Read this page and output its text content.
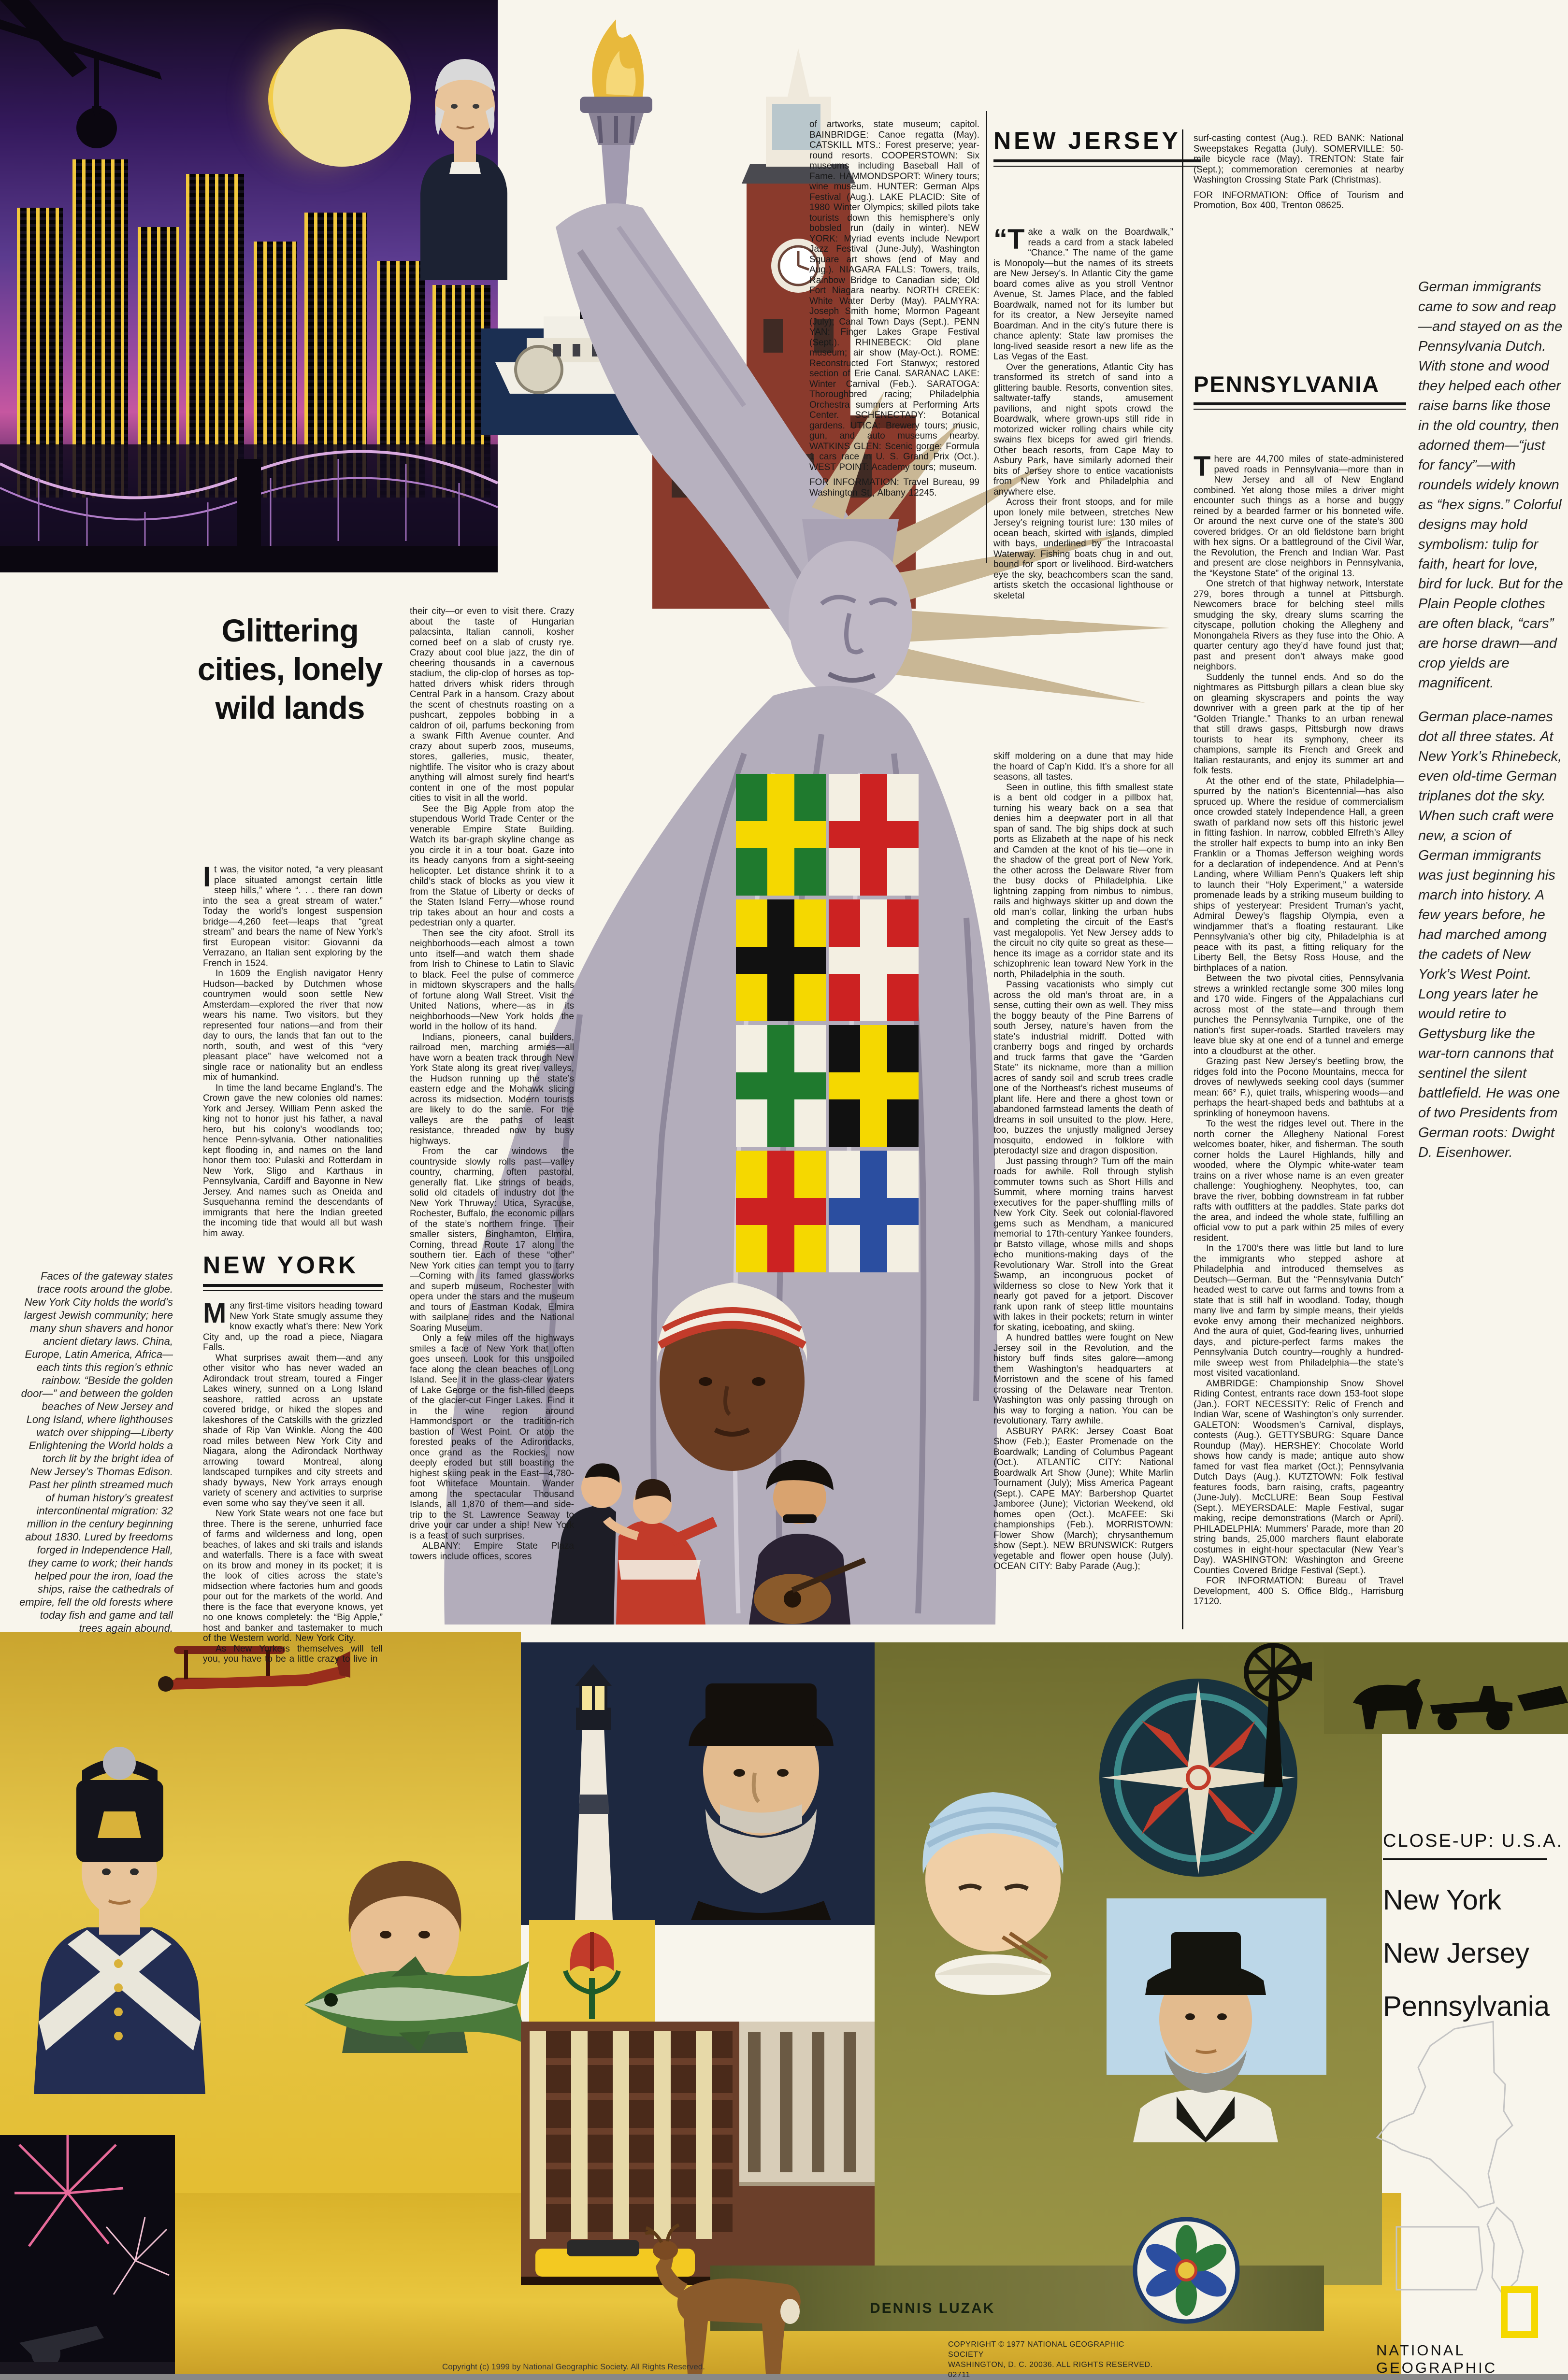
Glittering
cities, lonely
wild lands

It was, the visitor noted, “a very pleasant place situated amongst certain little steep hills,” where “. . . there ran down into the sea a great stream of water.” Today the world’s longest suspension bridge—4,260 feet—leaps that “great stream” and bears the name of New York’s first European visitor: Giovanni da Verrazano, an Italian sent exploring by the French in 1524.

In 1609 the English navigator Henry Hudson—backed by Dutchmen whose countrymen would soon settle New Amsterdam—explored the river that now wears his name. Two visitors, but they represented four nations—and from their day to ours, the lands that fan out to the north, south, and west of this “very pleasant place” have welcomed not a single race or nationality but an endless mix of humankind.

In time the land became England’s. The Crown gave the new colonies old names: York and Jersey. William Penn asked the king not to honor just his father, a naval hero, but his colony’s woodlands too; hence Penn-sylvania. Other nationalities kept flooding in, and names on the land honor them too: Pulaski and Rotterdam in New York, Sligo and Karthaus in Pennsylvania, Cardiff and Bayonne in New Jersey. And names such as Oneida and Susquehanna remind the descendants of immigrants that here the Indian greeted the incoming tide that would all but wash him away.

NEW YORK

Many first-time visitors heading toward New York State smugly assume they know exactly what’s there: New York City and, up the road a piece, Niagara Falls.

What surprises await them—and any other visitor who has never waded an Adirondack trout stream, toured a Finger Lakes winery, sunned on a Long Island seashore, rattled across an upstate covered bridge, or hiked the slopes and lakeshores of the Catskills with the grizzled shade of Rip Van Winkle. Along the 400 road miles between New York City and Niagara, along the Adirondack Northway arrowing toward Montreal, along landscaped turnpikes and city streets and shady byways, New York arrays enough variety of scenery and activities to surprise even some who say they’ve seen it all.

New York State wears not one face but three. There is the serene, unhurried face of farms and wilderness and long, open beaches, of lakes and ski trails and islands and waterfalls. There is a face with sweat on its brow and money in its pocket; it is the look of cities across the state’s midsection where factories hum and goods pour out for the markets of the world. And there is the face that everyone knows, yet no one knows completely: the “Big Apple,” host and banker and tastemaker to much of the Western world. New York City.

As New Yorkers themselves will tell you, you have to be a little crazy to live in

their city—or even to visit there. Crazy about the taste of Hungarian palacsinta, Italian cannoli, kosher corned beef on a slab of crusty rye. Crazy about cool blue jazz, the din of cheering thousands in a cavernous stadium, the clip-clop of horses as top-hatted drivers whisk riders through Central Park in a hansom. Crazy about the scent of chestnuts roasting on a pushcart, zeppoles bobbing in a caldron of oil, parfums beckoning from a swank Fifth Avenue counter. And crazy about superb zoos, museums, stores, galleries, music, theater, nightlife. The visitor who is crazy about anything will almost surely find heart’s content in one of the most popular cities to visit in all the world.

See the Big Apple from atop the stupendous World Trade Center or the venerable Empire State Building. Watch its bar-graph skyline change as you circle it in a tour boat. Gaze into its heady canyons from a sight-seeing helicopter. Let distance shrink it to a child’s stack of blocks as you view it from the Statue of Liberty or decks of the Staten Island Ferry—whose round trip takes about an hour and costs a pedestrian only a quarter.

Then see the city afoot. Stroll its neighborhoods—each almost a town unto itself—and watch them shade from Irish to Chinese to Latin to Slavic to black. Feel the pulse of commerce in midtown skyscrapers and the halls of fortune along Wall Street. Visit the United Nations, where—as in its neighborhoods—New York holds the world in the hollow of its hand.

Indians, pioneers, canal builders, railroad men, marching armies—all have worn a beaten track through New York State along its great river valleys, the Hudson running up the state’s eastern edge and the Mohawk slicing across its midsection. Modern tourists are likely to do the same. For the valleys are the paths of least resistance, threaded now by busy highways.

From the car windows the countryside slowly rolls past—valley country, charming, often pastoral, generally flat. Like strings of beads, solid old citadels of industry dot the New York Thruway: Utica, Syracuse, Rochester, Buffalo, the economic pillars of the state’s northern fringe. Their smaller sisters, Binghamton, Elmira, Corning, thread Route 17 along the southern tier. Each of these “other” New York cities can tempt you to tarry—Corning with its famed glassworks and superb museum, Rochester with opera under the stars and the museum and tours of Eastman Kodak, Elmira with sailplane rides and the National Soaring Museum.

Only a few miles off the highways smiles a face of New York that often goes unseen. Look for this unspoiled face along the clean beaches of Long Island. See it in the glass-clear waters of Lake George or the fish-filled deeps of the glacier-cut Finger Lakes. Find it in the wine region around Hammondsport or the tradition-rich bastion of West Point. Or atop the forested peaks of the Adirondacks, once grand as the Rockies, now deeply eroded but still boasting the highest skiing peak in the East—4,780-foot Whiteface Mountain. Wander among the spectacular Thousand Islands, all 1,870 of them—and side-trip to the St. Lawrence Seaway to drive your car under a ship! New York is a feast of such surprises.

ALBANY: Empire State Plaza towers include offices, scores

of artworks, state museum; capitol. BAINBRIDGE: Canoe regatta (May). CATSKILL MTS.: Forest preserve; year-round resorts. COOPERSTOWN: Six museums including Baseball Hall of Fame. HAMMONDSPORT: Winery tours; wine museum. HUNTER: German Alps Festival (Aug.). LAKE PLACID: Site of 1980 Winter Olympics; skilled pilots take tourists down this hemisphere’s only bobsled run (daily in winter). NEW YORK: Myriad events include Newport Jazz Festival (June-July), Washington Square art shows (end of May and Aug.). NIAGARA FALLS: Towers, trails, Rainbow Bridge to Canadian side; Old Fort Niagara nearby. NORTH CREEK: White Water Derby (May). PALMYRA: Joseph Smith home; Mormon Pageant (July); Canal Town Days (Sept.). PENN YAN: Finger Lakes Grape Festival (Sept.). RHINEBECK: Old plane museum; air show (May-Oct.). ROME: Reconstructed Fort Stanwyx; restored section of Erie Canal. SARANAC LAKE: Winter Carnival (Feb.). SARATOGA: Thoroughbred racing; Philadelphia Orchestra summers at Performing Arts Center. SCHENECTADY: Botanical gardens. UTICA: Brewery tours; music, gun, and auto museums nearby. WATKINS GLEN: Scenic gorge; Formula 1 cars race in U. S. Grand Prix (Oct.). WEST POINT: Academy tours; museum.

FOR INFORMATION: Travel Bureau, 99 Washington St., Albany 12245.

NEW JERSEY

“Take a walk on the Boardwalk,” reads a card from a stack labeled “Chance.” The name of the game is Monopoly—but the names of its streets are New Jersey’s. In Atlantic City the game board comes alive as you stroll Ventnor Avenue, St. James Place, and the fabled Boardwalk, named not for its lumber but for its creator, a New Jerseyite named Boardman. And in the city’s future there is chance aplenty: State law promises the long-lived seaside resort a new life as the Las Vegas of the East.

Over the generations, Atlantic City has transformed its stretch of sand into a glittering bauble. Resorts, convention sites, saltwater-taffy stands, amusement pavilions, and night spots crowd the Boardwalk, where grown-ups still ride in motorized wicker rolling chairs while city swains flex biceps for awed girl friends. Other beach resorts, from Cape May to Asbury Park, have similarly adorned their bits of Jersey shore to entice vacationists from New York and Philadelphia and anywhere else.

Across their front stoops, and for mile upon lonely mile between, stretches New Jersey’s reigning tourist lure: 130 miles of ocean beach, skirted with islands, dimpled with bays, underlined by the Intracoastal Waterway. Fishing boats chug in and out, bound for sport or livelihood. Bird-watchers eye the sky, beachcombers scan the sand, artists sketch the occasional lighthouse or skeletal

skiff moldering on a dune that may hide the hoard of Cap’n Kidd. It’s a shore for all seasons, all tastes.

Seen in outline, this fifth smallest state is a bent old codger in a pillbox hat, turning his weary back on a sea that denies him a deepwater port in all that span of sand. The big ships dock at such ports as Elizabeth at the nape of his neck and Camden at the knot of his tie—one in the shadow of the great port of New York, the other across the Delaware River from the busy docks of Philadelphia. Like lightning zapping from nimbus to nimbus, rails and highways skitter up and down the old man’s collar, linking the urban hubs and completing the circuit of the East’s vast megalopolis. Yet New Jersey adds to the circuit no city quite so great as these—hence its image as a corridor state and its schizophrenic lean toward New York in the north, Philadelphia in the south.

Passing vacationists who simply cut across the old man’s throat are, in a sense, cutting their own as well. They miss the boggy beauty of the Pine Barrens of south Jersey, nature’s haven from the state’s industrial midriff. Dotted with cranberry bogs and ringed by orchards and truck farms that gave the “Garden State” its nickname, more than a million acres of sandy soil and scrub trees cradle one of the Northeast’s richest museums of plant life. Here and there a ghost town or abandoned farmstead laments the death of dreams in soil unsuited to the plow. Here, too, buzzes the unjustly maligned Jersey mosquito, endowed in folklore with pterodactyl size and dragon disposition.

Just passing through? Turn off the main roads for awhile. Roll through stylish commuter towns such as Short Hills and Summit, where morning trains harvest executives for the paper-shuffling mills of New York City. Seek out colonial-flavored gems such as Mendham, a manicured memorial to 17th-century Yankee founders, or Batsto village, whose mills and shops echo munitions-making days of the Revolutionary War. Stroll into the Great Swamp, an incongruous pocket of wilderness so close to New York that it nearly got paved for a jetport. Discover rank upon rank of steep little mountains with lakes in their pockets; return in winter for skating, iceboating, and skiing.

A hundred battles were fought on New Jersey soil in the Revolution, and the history buff finds sites galore—among them Washington’s headquarters at Morristown and the scene of his famed crossing of the Delaware near Trenton. Washington was only passing through on his way to forging a nation. You can be revolutionary. Tarry awhile.

ASBURY PARK: Jersey Coast Boat Show (Feb.); Easter Promenade on the Boardwalk; Landing of Columbus Pageant (Oct.). ATLANTIC CITY: National Boardwalk Art Show (June); White Marlin Tournament (July); Miss America Pageant (Sept.). CAPE MAY: Barbershop Quartet Jamboree (June); Victorian Weekend, old homes open (Oct.). McAFEE: Ski championships (Feb.). MORRISTOWN: Flower Show (March); chrysanthemum show (Sept.). NEW BRUNSWICK: Rutgers vegetable and flower open house (July). OCEAN CITY: Baby Parade (Aug.);

surf-casting contest (Aug.). RED BANK: National Sweepstakes Regatta (July). SOMERVILLE: 50-mile bicycle race (May). TRENTON: State fair (Sept.); commemoration ceremonies at nearby Washington Crossing State Park (Christmas).

FOR INFORMATION: Office of Tourism and Promotion, Box 400, Trenton 08625.

PENNSYLVANIA

There are 44,700 miles of state-administered paved roads in Pennsylvania—more than in New Jersey and all of New England combined. Yet along those miles a driver might encounter such things as a horse and buggy reined by a bearded farmer or his bonneted wife. Or around the next curve one of the state’s 300 covered bridges. Or an old fieldstone barn bright with hex signs. Or a battleground of the Civil War, the Revolution, the French and Indian War. Past and present are close neighbors in Pennsylvania, the “Keystone State” of the original 13.

One stretch of that highway network, Interstate 279, bores through a tunnel at Pittsburgh. Newcomers brace for belching steel mills smudging the sky, dreary slums scarring the cityscape, pollution choking the Allegheny and Monongahela Rivers as they fuse into the Ohio. A quarter century ago they’d have found just that; past and present don’t always make good neighbors.

Suddenly the tunnel ends. And so do the nightmares as Pittsburgh pillars a clean blue sky on gleaming skyscrapers and points the way downriver with a green park at the tip of her “Golden Triangle.” Thanks to an urban renewal that still draws gasps, Pittsburgh now draws tourists to hear its symphony, cheer its champions, sample its French and Greek and Italian restaurants, and enjoy its summer art and folk fests.

At the other end of the state, Philadelphia—spurred by the nation’s Bicentennial—has also spruced up. Where the residue of commercialism once crowded stately Independence Hall, a green swath of parkland now sets off this historic jewel in fitting fashion. In narrow, cobbled Elfreth’s Alley the stroller half expects to bump into an inky Ben Franklin or a Thomas Jefferson weighing words for a declaration of independence. And at Penn’s Landing, where William Penn’s Quakers left ship to launch their “Holy Experiment,” a waterside promenade leads by a striking museum building to ships of yesteryear: President Truman’s yacht, Admiral Dewey’s flagship Olympia, even a windjammer that’s a floating restaurant. Like Pennsylvania’s other big city, Philadelphia is at peace with its past, a fitting reliquary for the Liberty Bell, the Betsy Ross House, and the birthplaces of a nation.

Between the two pivotal cities, Pennsylvania strews a wrinkled rectangle some 300 miles long and 170 wide. Fingers of the Appalachians curl across most of the state—and through them punches the Pennsylvania Turnpike, one of the nation’s first super-roads. Startled travelers may leave blue sky at one end of a tunnel and emerge into a cloudburst at the other.

Grazing past New Jersey’s beetling brow, the ridges fold into the Pocono Mountains, mecca for droves of newlyweds seeking cool days (summer mean: 66° F.), quiet trails, whispering woods—and perhaps the heart-shaped beds and bathtubs at a sprinkling of honeymoon havens.

To the west the ridges level out. There in the north corner the Allegheny National Forest welcomes boater, hiker, and fisherman. The south corner holds the Laurel Highlands, hilly and wooded, where the Olympic white-water team trains on a river whose name is an even greater challenge: Youghiogheny. Neophytes, too, can brave the river, bobbing downstream in fat rubber rafts with outfitters at the paddles. State parks dot the area, and indeed the whole state, fulfilling an official vow to put a park within 25 miles of every resident.

In the 1700’s there was little but land to lure the immigrants who stepped ashore at Philadelphia and introduced themselves as Deutsch—German. But the “Pennsylvania Dutch” headed west to carve out farms and towns from a state that is still half in woodland. Today, though many live and farm by simple means, their yields evoke envy among their mechanized neighbors. And the aura of quiet, God-fearing lives, unhurried days, and picture-perfect farms makes the Pennsylvania Dutch country—roughly a hundred-mile sweep west from Philadelphia—the state’s most visited vacationland.

AMBRIDGE: Championship Snow Shovel Riding Contest, entrants race down 153-foot slope (Jan.). FORT NECESSITY: Relic of French and Indian War, scene of Washington’s only surrender. GALETON: Woodsmen’s Carnival, displays, contests (Aug.). GETTYSBURG: Square Dance Roundup (May). HERSHEY: Chocolate World shows how candy is made; antique auto show famed for vast flea market (Oct.); Pennsylvania Dutch Days (Aug.). KUTZTOWN: Folk festival features foods, barn raising, crafts, pageantry (June-July). McCLURE: Bean Soup Festival (Sept.). MEYERSDALE: Maple Festival, sugar making, recipe demonstrations (March or April). PHILADELPHIA: Mummers’ Parade, more than 20 string bands, 25,000 marchers flaunt elaborate costumes in eight-hour spectacular (New Year’s Day). WASHINGTON: Washington and Greene Counties Covered Bridge Festival (Sept.).

FOR INFORMATION: Bureau of Travel Development, 400 S. Office Bldg., Harrisburg 17120.

German immigrants came to sow and reap—and stayed on as the Pennsylvania Dutch. With stone and wood they helped each other raise barns like those in the old country, then adorned them—“just for fancy”—with roundels widely known as “hex signs.” Colorful designs may hold symbolism: tulip for faith, heart for love, bird for luck. But for the Plain People clothes are often black, “cars” are horse drawn—and crop yields are magnificent.

German place-names dot all three states. At New York’s Rhinebeck, even old-time German triplanes dot the sky. When such craft were new, a scion of German immigrants was just beginning his march into history. A few years before, he had marched among the cadets of New York’s West Point. Long years later he would retire to Gettysburg like the war-torn cannons that sentinel the silent battlefield. He was one of two Presidents from German roots: Dwight D. Eisenhower.

Faces of the gateway states trace roots around the globe. New York City holds the world’s largest Jewish community; here many shun shavers and honor ancient dietary laws. China, Europe, Latin America, Africa—each tints this region’s ethnic rainbow. “Beside the golden door—” and between the golden beaches of New Jersey and Long Island, where lighthouses watch over shipping—Liberty Enlightening the World holds a torch lit by the bright idea of New Jersey’s Thomas Edison. Past her plinth streamed much of human history’s greatest intercontinental migration: 32 million in the century beginning about 1830. Lured by freedoms forged in Independence Hall, they came to work; their hands helped pour the iron, load the ships, raise the cathedrals of empire, fell the old forests where today fish and game and tall trees again abound.
CLOSE-UP: U.S.A.
New York
New Jersey
Pennsylvania
NATIONAL GEOGRAPHIC
DENNIS LUZAK
COPYRIGHT © 1977 NATIONAL GEOGRAPHIC SOCIETY
WASHINGTON, D. C. 20036. ALL RIGHTS RESERVED.
02711
Copyright (c) 1999 by National Geographic Society. All Rights Reserved.
